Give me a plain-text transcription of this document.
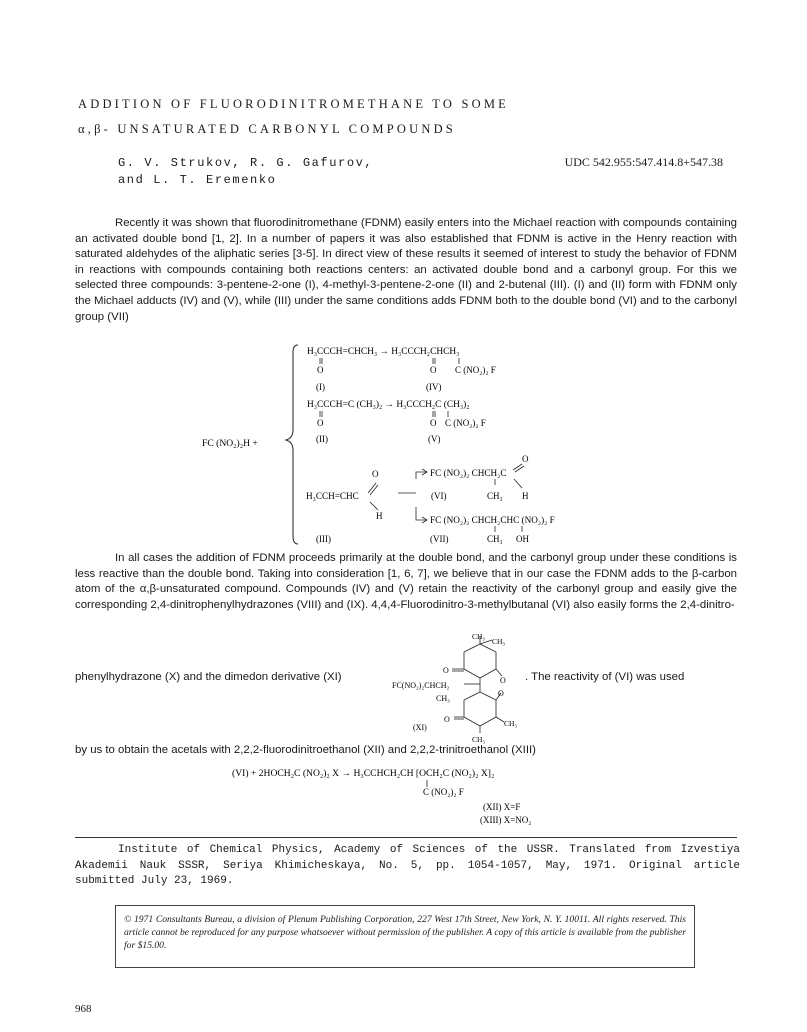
ADDITION OF FLUORODINITROMETHANE TO SOME
α,β- UNSATURATED CARBONYL COMPOUNDS
G. V. Strukov, R. G. Gafurov,
and L. T. Eremenko
UDC 542.955:547.414.8+547.38

Recently it was shown that fluorodinitromethane (FDNM) easily enters into the Michael reaction with compounds containing an activated double bond [1, 2]. In a number of papers it was also established that FDNM is active in the Henry reaction with saturated aldehydes of the aliphatic series [3-5]. In direct view of these results it seemed of interest to study the behavior of FDNM in reactions with compounds containing both reactions centers: an activated double bond and a carbonyl group. For this we selected three compounds: 3-pentene-2-one (I), 4-methyl-3-pentene-2-one (II) and 2-butenal (III). (I) and (II) form with FDNM only the Michael adducts (IV) and (V), while (III) under the same conditions adds FDNM both to the double bond (VI) and to the carbonyl group (VII)

FC (NO₂)₂H +
H₃CCCH=CHCH₃ → H₃CCCH₂CHCH₃
O	O C (NO₂)₂ F
(I)	(IV)
H₃CCCH=C (CH₃)₂ → H₃CCCH₂C (CH₃)₂
O	O C (NO₂)₂ F
(II)	(V)
O
O	FC (NO₂)₂ CHCH₂C
H₃CCH=CHC	(VI)	CH₃ H
H	FC (NO₂)₂ CHCH₂CHC (NO₂)₂ F
(III)	(VII)	CH₃ OH

In all cases the addition of FDNM proceeds primarily at the double bond, and the carbonyl group under these conditions is less reactive than the double bond. Taking into consideration [1, 6, 7], we believe that in our case the FDNM adds to the β-carbon atom of the α,β-unsaturated compound. Compounds (IV) and (V) retain the reactivity of the carbonyl group and easily give the corresponding 2,4-dinitrophenylhydrazones (VIII) and (IX). 4,4,4-Fluorodinitro-3-methylbutanal (VI) also easily forms the 2,4-dinitro-

phenylhydrazone (X) and the dimedon derivative (XI)	. The reactivity of (VI) was used
CH₃
CH₃
O
O
FC(NO₂)₂CHCH₂
O
CH₃
O	CH₃
(XI)
CH₃
by us to obtain the acetals with 2,2,2-fluorodinitroethanol (XII) and 2,2,2-trinitroethanol (XIII)
(VI) + 2HOCH₂C (NO₂)₂ X → H₃CCHCH₂CH [OCH₂C (NO₂)₂ X]₂
C (NO₂)₂ F
(XII) X=F
(XIII) X=NO₂
Institute of Chemical Physics, Academy of Sciences of the USSR. Translated from Izvestiya Akademii Nauk SSSR, Seriya Khimicheskaya, No. 5, pp. 1054-1057, May, 1971. Original article submitted July 23, 1969.
© 1971 Consultants Bureau, a division of Plenum Publishing Corporation, 227 West 17th Street, New York, N. Y. 10011. All rights reserved. This article cannot be reproduced for any purpose whatsoever without permission of the publisher. A copy of this article is available from the publisher for $15.00.
968
